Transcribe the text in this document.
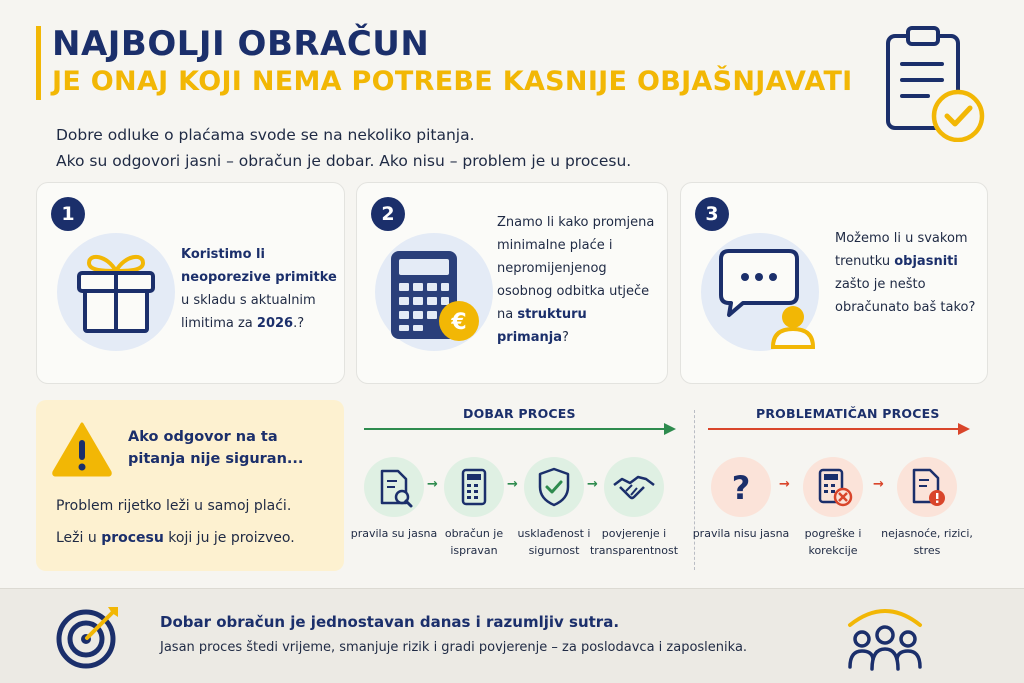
NAJBOLJI OBRAČUN
JE ONAJ KOJI NEMA POTREBE KASNIJE OBJAŠNJAVATI
Dobre odluke o plaćama svode se na nekoliko pitanja.
Ako su odgovori jasni – obračun je dobar. Ako nisu – problem je u procesu.
1
Koristimo li neoporezive primitke u skladu s aktualnim limitima za 2026.?
2
€
Znamo li kako promjena minimalne plaće i nepromijenjenog osobnog odbitka utječe na strukturu primanja?
3
Možemo li u svakom trenutku objasniti zašto je nešto obračunato baš tako?
Ako odgovor na ta pitanja nije siguran...
Problem rijetko leži u samoj plaći.
Leži u procesu koji ju je proizveo.
DOBAR PROCES
→	→	→
pravila su jasna obračun je ispravan
usklađenost i sigurnost
povjerenje i transparentnost
PROBLEMATIČAN PROCES
? →	→
pravila nisu jasna	pogreške i korekcije
nejasnoće, rizici, stres
Dobar obračun je jednostavan danas i razumljiv sutra.
Jasan proces štedi vrijeme, smanjuje rizik i gradi povjerenje – za poslodavca i zaposlenika.
